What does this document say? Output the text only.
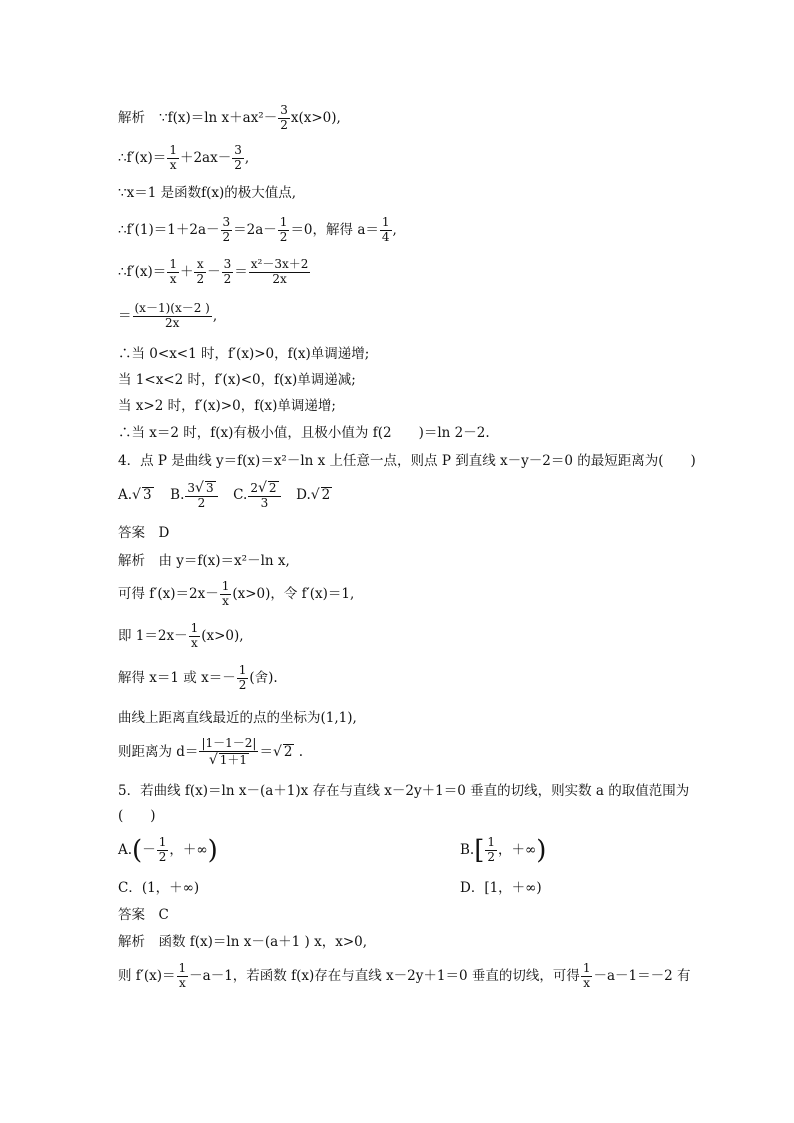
解析 ∵f(x)＝ln $x+ax^2- \frac{3}{2} x(x>0)$,
∴f′(x)＝ $\frac{1}{x} +2ax- \frac{3}{2}$ ,
∵x＝1 是函数f(x)的极大值点,
∴f′(1)＝1＋2a－ $\frac{3}{2} =2a- \frac{1}{2} =0$，解得 $a= \frac{1}{4}$ ,
∴f′(x)＝ $\frac{1}{x} + \frac{x}{2} - \frac{3}{2} = \frac{\text{x²－3x＋2}}{2x}$
＝ $\frac{(x-1)(x-2 )}{2x}$ ,
∴当 0<x<1 时，f′(x)>0，f(x)单调递增;
当 1<x<2 时，f′(x)<0，f(x)单调递减;
当 x>2 时，f′(x)>0，f(x)单调递增;
∴当 x＝2 时，f(x)有极小值，且极小值为 f(2　　)＝ln 2－2.
4．点 P 是曲线 y＝f(x)＝x²－ln x 上任意一点，则点 P 到直线 x－y－2＝0 的最短距离为(　　)
A.√ 3 B. $\frac{3√ 3}{2} C$. $\frac{2√ 2}{3} D.√$ 2
答案　D
解析　由 y＝f(x)＝x²－ln x,
可得 $f'(x)=2x- \frac{1}{x} (x>0)$，令 f′(x)＝1,
即 $1=2x- \frac{1}{x} (x>0)$,
解得 x＝1 或 $x=- \frac{1}{2}$ (舍).
曲线上距离直线最近的点的坐标为(1,1),
则距离为 $d= \frac{|1-1-2|}{√ 1+1}$ ＝√ 2 .
5．若曲线 f(x)＝ln x－(a＋1)x 存在与直线 x－2y＋1＝0 垂直的切线，则实数 a 的取值范围为
(　　)
$A.(- \frac{1}{2}$ ，＋∞)	$B.[ \frac{1}{2}$ ，＋∞)
C．(1，＋∞)	D．[1，＋∞)
答案　C
解析　函数 f(x)＝ln x－(a＋1 ) x，x>0,
则 $f'(x)= \frac{1}{x} -a-1$，若函数 f(x)存在与直线 x－2y＋1＝0 垂直的切线，可得 $\frac{1}{x} -a-1=-2$ 有
